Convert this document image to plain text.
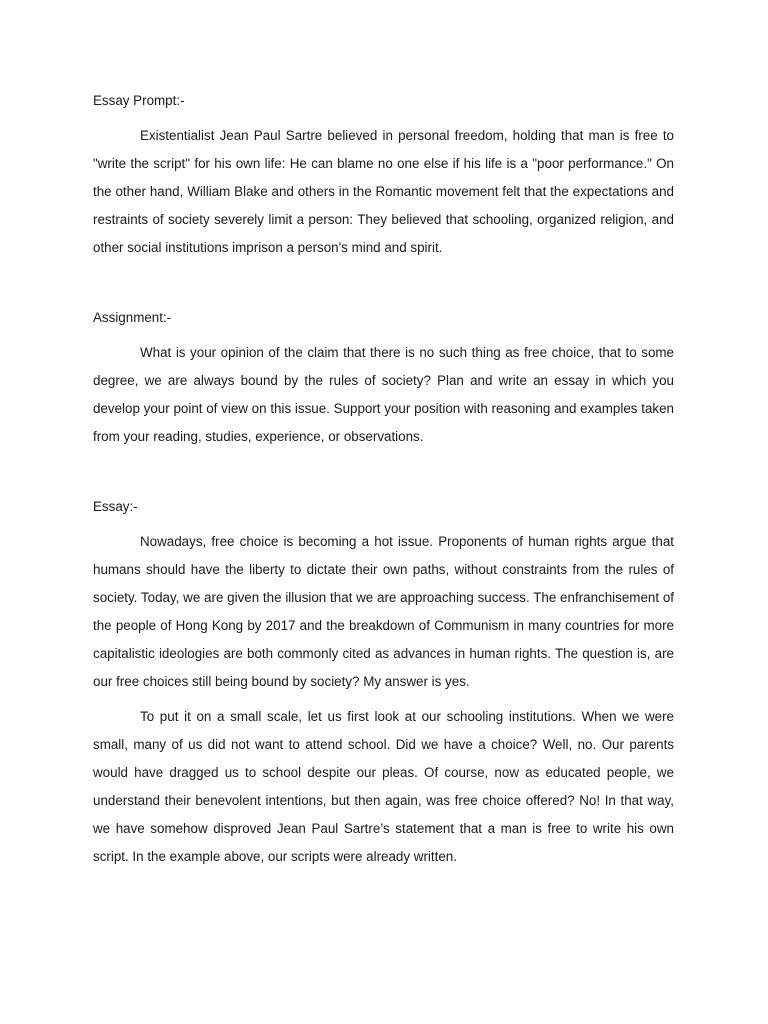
Essay Prompt:-

Existentialist Jean Paul Sartre believed in personal freedom, holding that man is free to "write the script" for his own life: He can blame no one else if his life is a "poor performance." On the other hand, William Blake and others in the Romantic movement felt that the expectations and restraints of society severely limit a person: They believed that schooling, organized religion, and other social institutions imprison a person's mind and spirit.

Assignment:-

What is your opinion of the claim that there is no such thing as free choice, that to some degree, we are always bound by the rules of society? Plan and write an essay in which you develop your point of view on this issue. Support your position with reasoning and examples taken from your reading, studies, experience, or observations.

Essay:-

Nowadays, free choice is becoming a hot issue. Proponents of human rights argue that humans should have the liberty to dictate their own paths, without constraints from the rules of society. Today, we are given the illusion that we are approaching success. The enfranchisement of the people of Hong Kong by 2017 and the breakdown of Communism in many countries for more capitalistic ideologies are both commonly cited as advances in human rights. The question is, are our free choices still being bound by society? My answer is yes.

To put it on a small scale, let us first look at our schooling institutions. When we were small, many of us did not want to attend school. Did we have a choice? Well, no. Our parents would have dragged us to school despite our pleas. Of course, now as educated people, we understand their benevolent intentions, but then again, was free choice offered? No! In that way, we have somehow disproved Jean Paul Sartre’s statement that a man is free to write his own script. In the example above, our scripts were already written.
